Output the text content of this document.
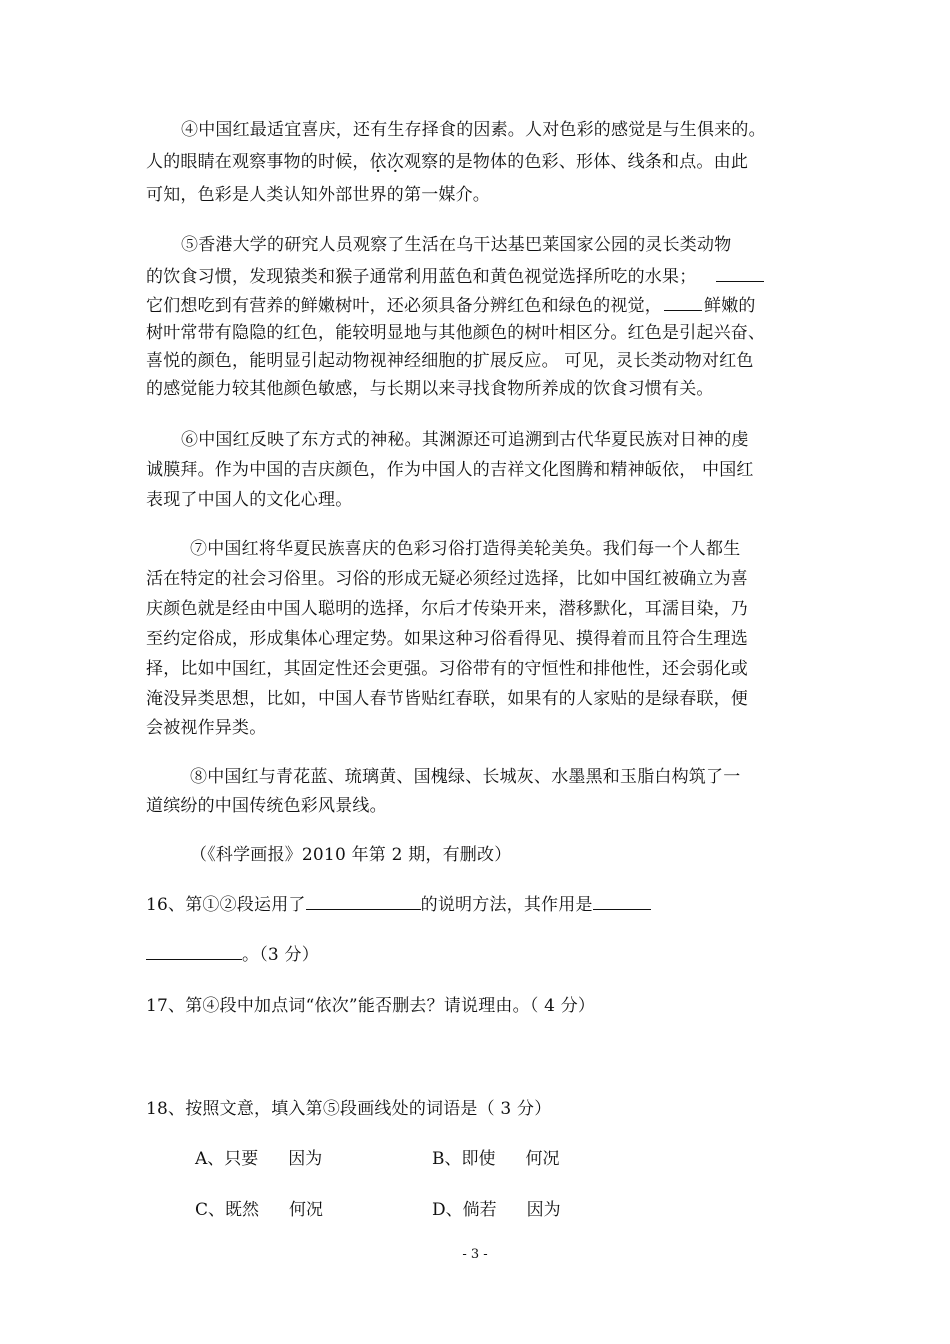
④中国红最适宜喜庆，还有生存择食的因素。人对色彩的感觉是与生俱来的。
人的眼睛在观察事物的时候，依次观察的是物体的色彩、形体、线条和点。由此
可知，色彩是人类认知外部世界的第一媒介。
⑤香港大学的研究人员观察了生活在乌干达基巴莱国家公园的灵长类动物
的饮食习惯，发现猿类和猴子通常利用蓝色和黄色视觉选择所吃的水果；
它们想吃到有营养的鲜嫩树叶，还必须具备分辨红色和绿色的视觉， 鲜嫩的
树叶常带有隐隐的红色，能较明显地与其他颜色的树叶相区分。红色是引起兴奋、
喜悦的颜色，能明显引起动物视神经细胞的扩展反应。 可见，灵长类动物对红色
的感觉能力较其他颜色敏感，与长期以来寻找食物所养成的饮食习惯有关。
⑥中国红反映了东方式的神秘。其渊源还可追溯到古代华夏民族对日神的虔
诚膜拜。作为中国的吉庆颜色，作为中国人的吉祥文化图腾和精神皈依， 中国红
表现了中国人的文化心理。
⑦中国红将华夏民族喜庆的色彩习俗打造得美轮美奂。我们每一个人都生
活在特定的社会习俗里。习俗的形成无疑必须经过选择，比如中国红被确立为喜
庆颜色就是经由中国人聪明的选择，尔后才传染开来，潜移默化，耳濡目染，乃
至约定俗成，形成集体心理定势。如果这种习俗看得见、摸得着而且符合生理选
择，比如中国红，其固定性还会更强。习俗带有的守恒性和排他性，还会弱化或
淹没异类思想，比如，中国人春节皆贴红春联，如果有的人家贴的是绿春联，便
会被视作异类。
⑧中国红与青花蓝、琉璃黄、国槐绿、长城灰、水墨黑和玉脂白构筑了一
道缤纷的中国传统色彩风景线。
（《科学画报》2010 年第 2 期，有删改）
16、第①②段运用了	的说明方法，其作用是
。（3 分）
17、第④段中加点词“依次”能否删去？请说理由。（ 4 分）
18、按照文意，填入第⑤段画线处的词语是（ 3 分）
A、只要 因为	B、即使 何况
C、既然 何况	D、倘若 因为
- 3 -
